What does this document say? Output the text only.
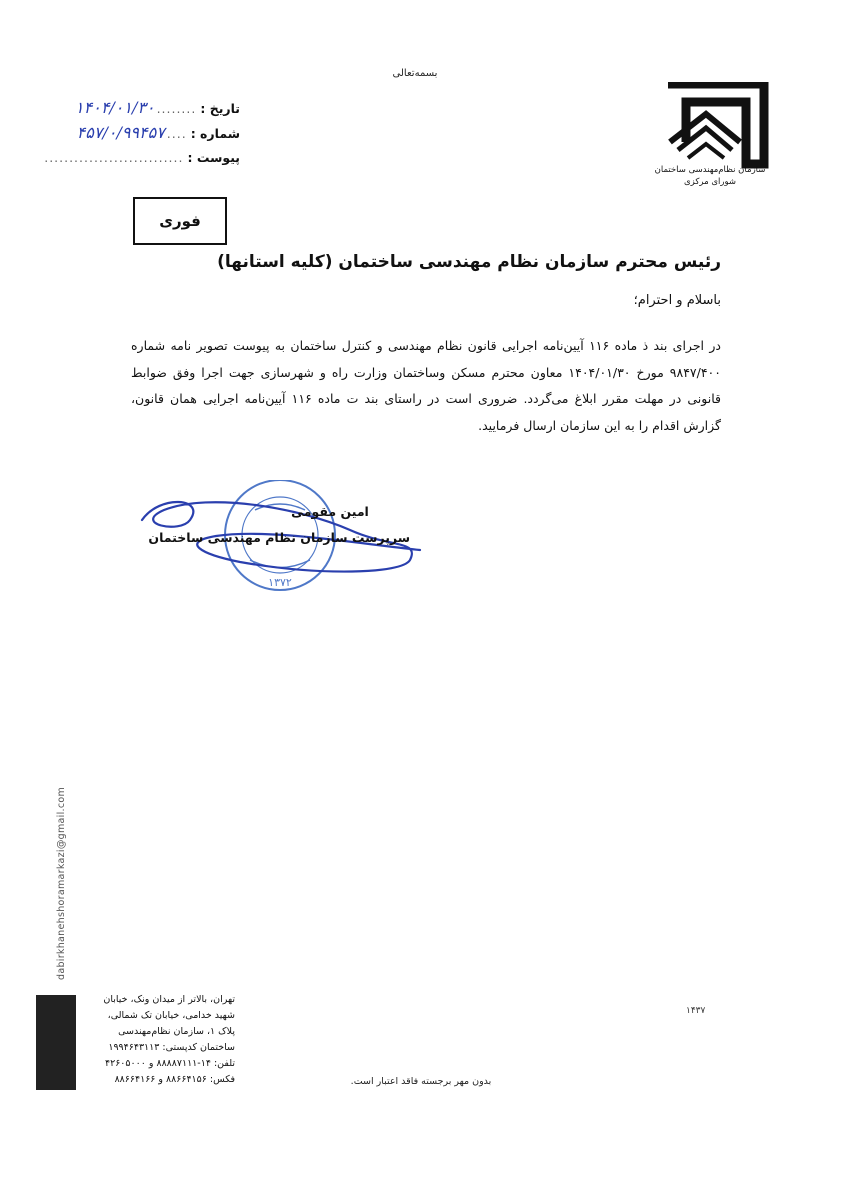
بسمه‌تعالی
سازمان نظام‌مهندسی ساختمان
شورای مرکزی
تاریخ :
........
۱۴۰۴/۰۱/۳۰
شماره :
....
۴۵۷/۰/۹۹۴۵۷
پیوست :
............................
فوری
رئیس محترم سازمان نظام مهندسی ساختمان (کلیه استانها)
باسلام و احترام؛
در اجرای بند ذ ماده ۱۱۶ آیین‌نامه اجرایی قانون نظام مهندسی و کنترل ساختمان به پیوست تصویر نامه شماره ۹۸۴۷/۴۰۰ مورخ ۱۴۰۴/۰۱/۳۰ معاون محترم مسکن وساختمان وزارت راه و شهرسازی جهت اجرا وفق ضوابط قانونی در مهلت مقرر ابلاغ می‌گردد. ضروری است در راستای بند ت ماده ۱۱۶ آیین‌نامه اجرایی همان قانون، گزارش اقدام را به این سازمان ارسال فرمایید.
۱۳۷۲
امین مقومی
سرپرست سازمان نظام مهندسی ساختمان
dabirkhanehshoramarkazi@gmail.com
تهران، بالاتر از میدان ونک، خیابان
شهید خدامی، خیابان تک شمالی،
پلاک ۱، سازمان نظام‌مهندسی
ساختمان کدپستی: ۱۹۹۴۶۴۳۱۱۳
تلفن: ۱۴-۸۸۸۸۷۱۱۱ و ۴۲۶۰۵۰۰۰
فکس: ۸۸۶۶۴۱۵۶ و ۸۸۶۶۴۱۶۶
۱۴۳۷
بدون مهر برجسته فاقد اعتبار است.
